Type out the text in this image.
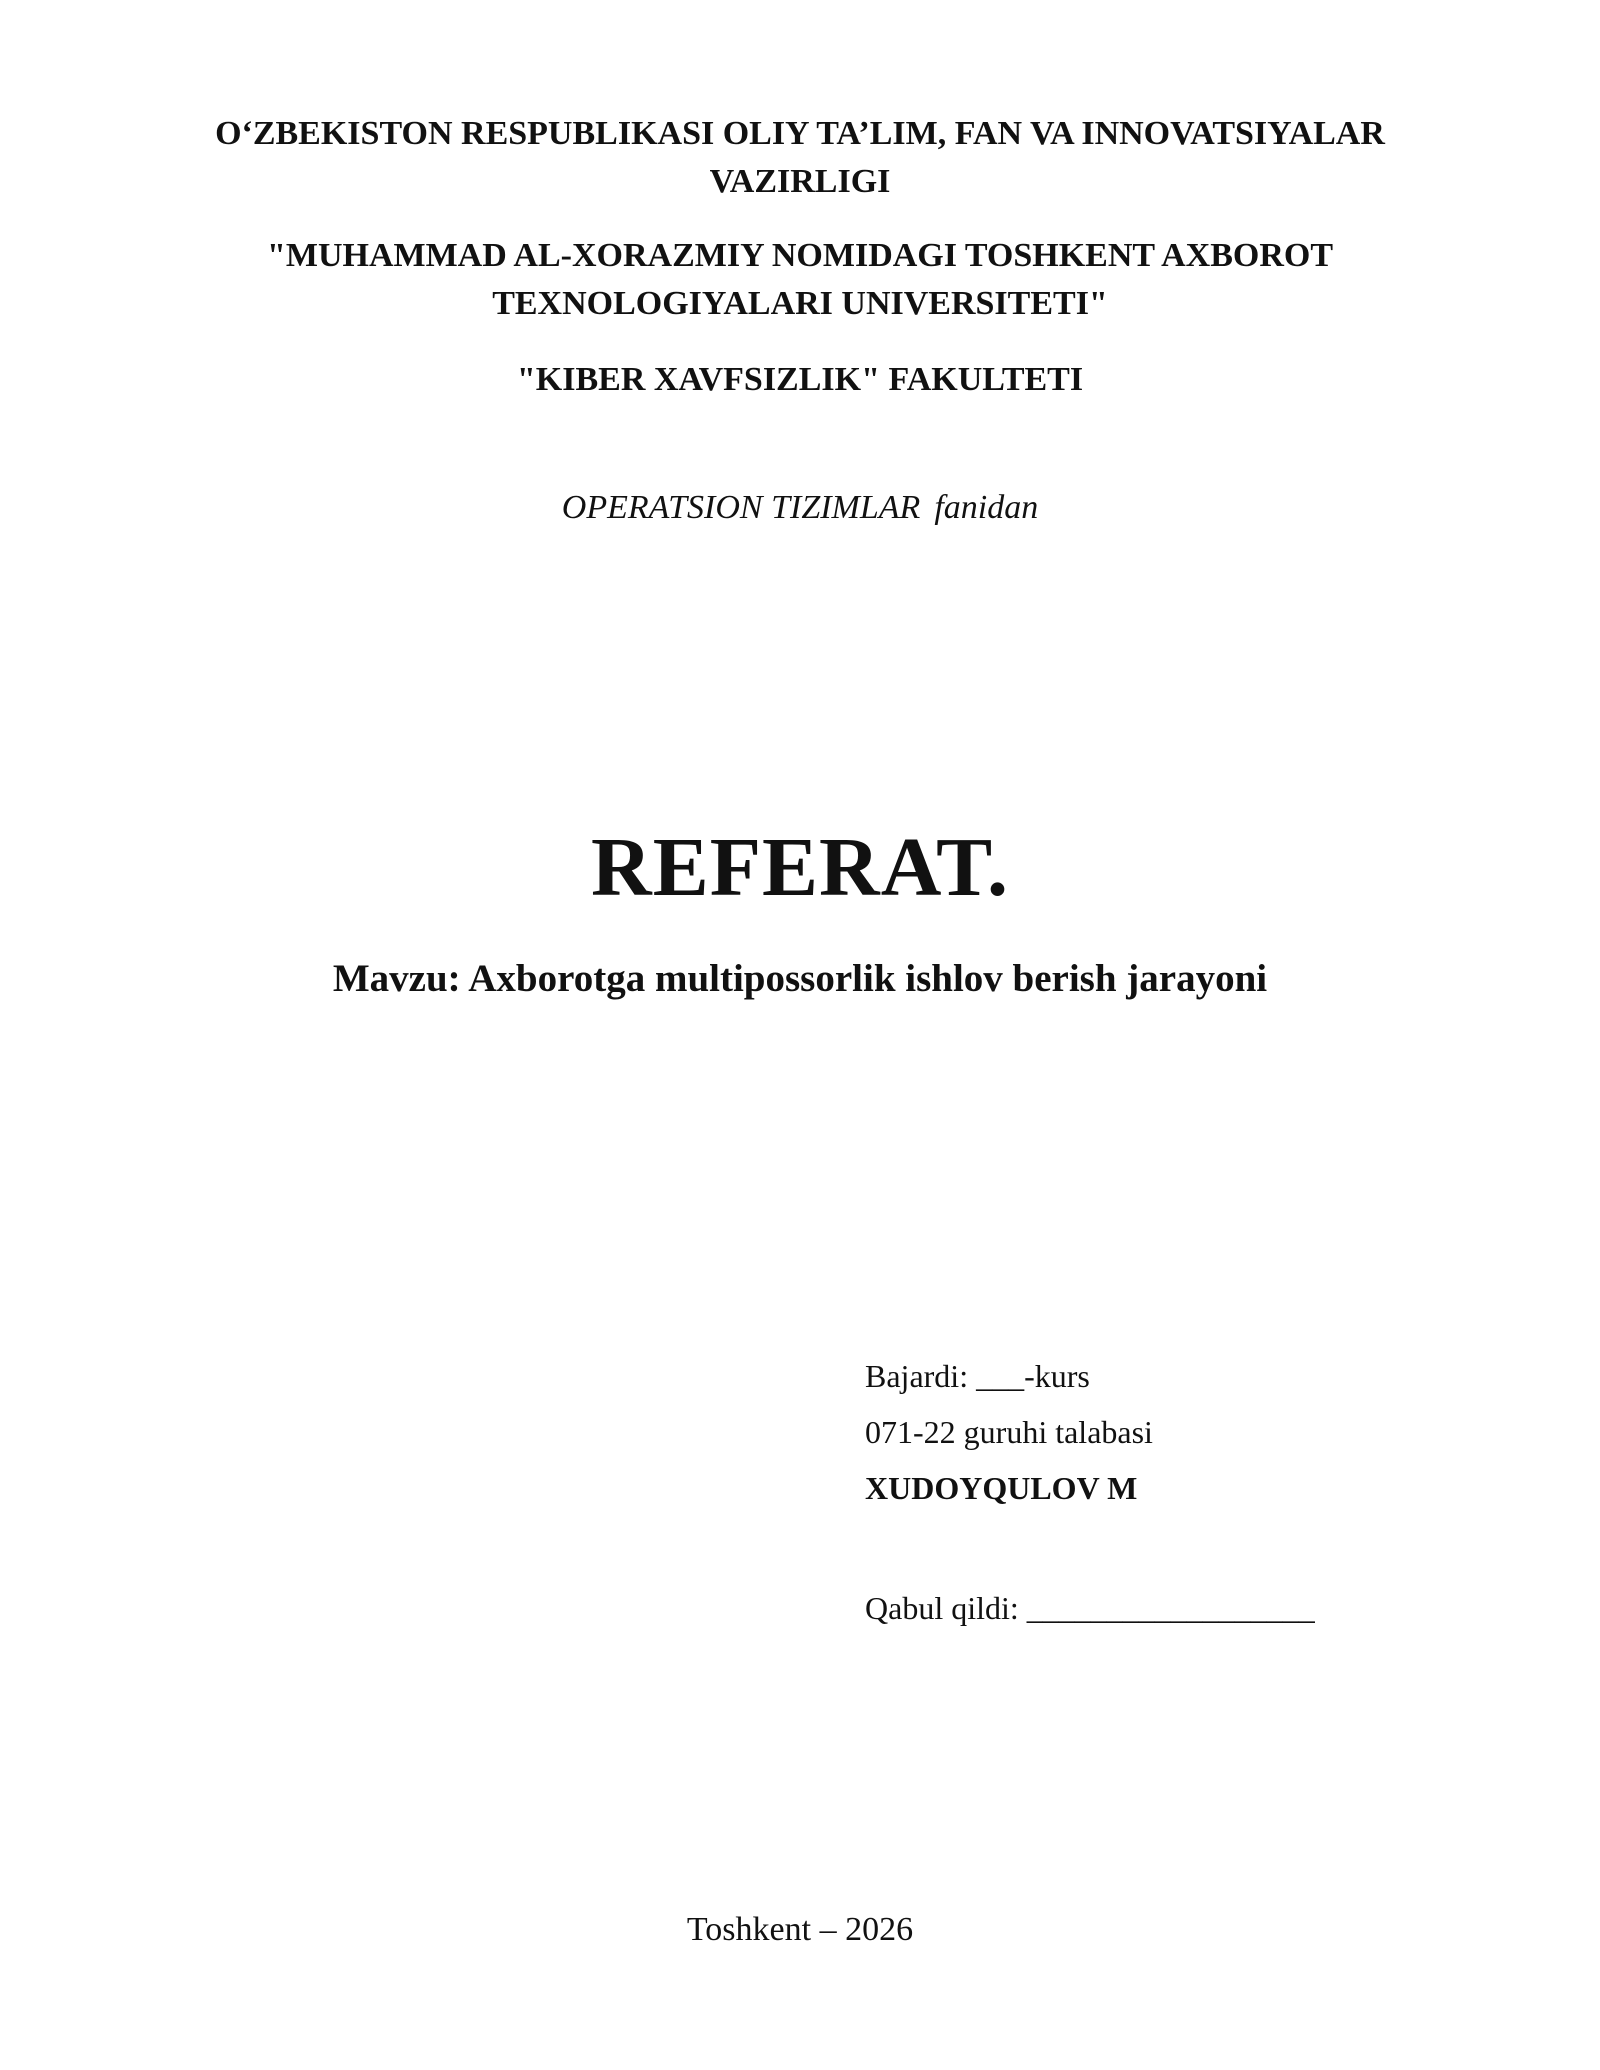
O‘ZBEKISTON RESPUBLIKASI OLIY TA’LIM, FAN VA INNOVATSIYALAR
VAZIRLIGI
"MUHAMMAD AL-XORAZMIY NOMIDAGI TOSHKENT AXBOROT
TEXNOLOGIYALARI UNIVERSITETI"
"KIBER XAVFSIZLIK" FAKULTETI
OPERATSION TIZIMLAR fanidan
REFERAT.
Mavzu: Axborotga multipossorlik ishlov berish jarayoni
Bajardi: ___-kurs
071-22 guruhi talabasi
XUDOYQULOV M
Qabul qildi: __________________
Toshkent – 2026
